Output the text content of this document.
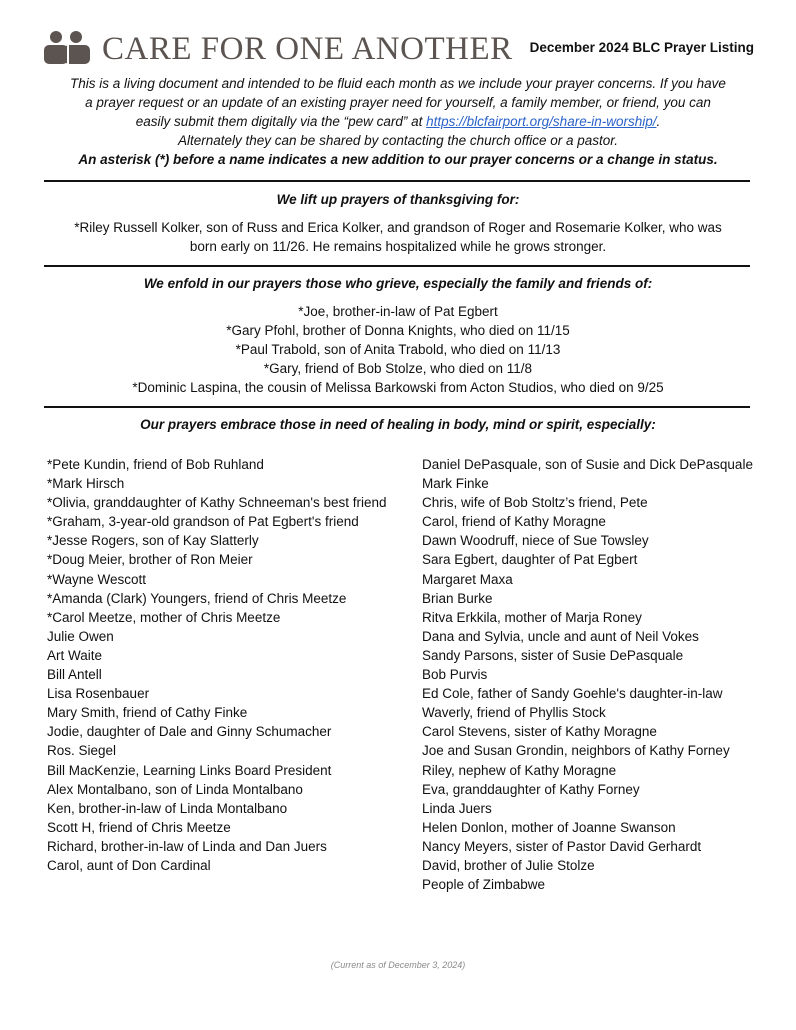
CARE FOR ONE ANOTHER December 2024 BLC Prayer Listing
This is a living document and intended to be fluid each month as we include your prayer concerns. If you have
a prayer request or an update of an existing prayer need for yourself, a family member, or friend, you can
easily submit them digitally via the “pew card” at https://blcfairport.org/share-in-worship/.
Alternately they can be shared by contacting the church office or a pastor.
An asterisk (*) before a name indicates a new addition to our prayer concerns or a change in status.
We lift up prayers of thanksgiving for:
*Riley Russell Kolker, son of Russ and Erica Kolker, and grandson of Roger and Rosemarie Kolker, who was
born early on 11/26. He remains hospitalized while he grows stronger.
We enfold in our prayers those who grieve, especially the family and friends of:
*Joe, brother-in-law of Pat Egbert
*Gary Pfohl, brother of Donna Knights, who died on 11/15
*Paul Trabold, son of Anita Trabold, who died on 11/13
*Gary, friend of Bob Stolze, who died on 11/8
*Dominic Laspina, the cousin of Melissa Barkowski from Acton Studios, who died on 9/25
Our prayers embrace those in need of healing in body, mind or spirit, especially:
*Pete Kundin, friend of Bob Ruhland
*Mark Hirsch
*Olivia, granddaughter of Kathy Schneeman's best friend
*Graham, 3-year-old grandson of Pat Egbert's friend
*Jesse Rogers, son of Kay Slatterly
*Doug Meier, brother of Ron Meier
*Wayne Wescott
*Amanda (Clark) Youngers, friend of Chris Meetze
*Carol Meetze, mother of Chris Meetze
Julie Owen
Art Waite
Bill Antell
Lisa Rosenbauer
Mary Smith, friend of Cathy Finke
Jodie, daughter of Dale and Ginny Schumacher
Ros. Siegel
Bill MacKenzie, Learning Links Board President
Alex Montalbano, son of Linda Montalbano
Ken, brother-in-law of Linda Montalbano
Scott H, friend of Chris Meetze
Richard, brother-in-law of Linda and Dan Juers
Carol, aunt of Don Cardinal
Daniel DePasquale, son of Susie and Dick DePasquale
Mark Finke
Chris, wife of Bob Stoltz’s friend, Pete
Carol, friend of Kathy Moragne
Dawn Woodruff, niece of Sue Towsley
Sara Egbert, daughter of Pat Egbert
Margaret Maxa
Brian Burke
Ritva Erkkila, mother of Marja Roney
Dana and Sylvia, uncle and aunt of Neil Vokes
Sandy Parsons, sister of Susie DePasquale
Bob Purvis
Ed Cole, father of Sandy Goehle's daughter-in-law
Waverly, friend of Phyllis Stock
Carol Stevens, sister of Kathy Moragne
Joe and Susan Grondin, neighbors of Kathy Forney
Riley, nephew of Kathy Moragne
Eva, granddaughter of Kathy Forney
Linda Juers
Helen Donlon, mother of Joanne Swanson
Nancy Meyers, sister of Pastor David Gerhardt
David, brother of Julie Stolze
People of Zimbabwe
(Current as of December 3, 2024)
